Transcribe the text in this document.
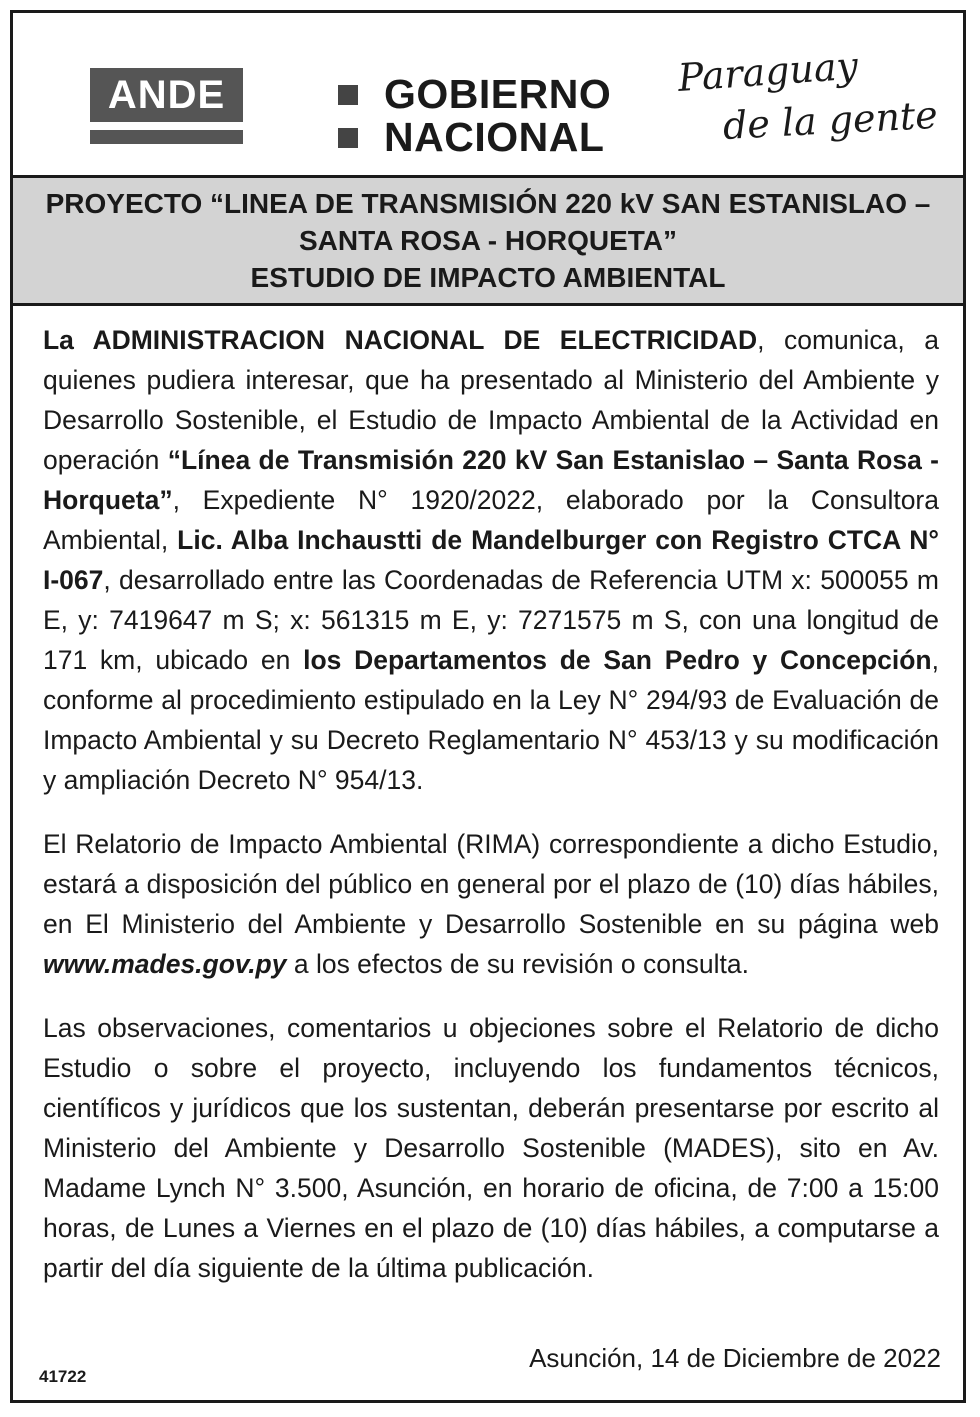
ANDE	GOBIERNO
NACIONAL
Paraguay
de la gente
PROYECTO “LINEA DE TRANSMISIÓN 220 kV SAN ESTANISLAO –
SANTA ROSA - HORQUETA”
ESTUDIO DE IMPACTO AMBIENTAL

La ADMINISTRACION NACIONAL DE ELECTRICIDAD, comunica, a quienes pudiera interesar, que ha presentado al Ministerio del Ambiente y Desarrollo Sostenible, el Estudio de Impacto Ambiental de la Actividad en operación “Línea de Transmisión 220 kV San Estanislao – Santa Rosa - Horqueta”, Expediente N° 1920/2022, elaborado por la Consultora Ambiental, Lic. Alba Inchaustti de Mandelburger con Registro CTCA N° I-067, desarrollado entre las Coordenadas de Referencia UTM x: 500055 m E, y: 7419647 m S; x: 561315 m E, y: 7271575 m S, con una longitud de 171 km, ubicado en los Departamentos de San Pedro y Concepción, conforme al procedimiento estipulado en la Ley N° 294/93 de Evaluación de Impacto Ambiental y su Decreto Reglamentario N° 453/13 y su modificación y ampliación Decreto N° 954/13.

El Relatorio de Impacto Ambiental (RIMA) correspondiente a dicho Estudio, estará a disposición del público en general por el plazo de (10) días hábiles, en El Ministerio del Ambiente y Desarrollo Sostenible en su página web www.mades.gov.py a los efectos de su revisión o consulta.

Las observaciones, comentarios u objeciones sobre el Relatorio de dicho Estudio o sobre el proyecto, incluyendo los fundamentos técnicos, científicos y jurídicos que los sustentan, deberán presentarse por escrito al Ministerio del Ambiente y Desarrollo Sostenible (MADES), sito en Av. Madame Lynch N° 3.500, Asunción, en horario de oficina, de 7:00 a 15:00 horas, de Lunes a Viernes en el plazo de (10) días hábiles, a computarse a partir del día siguiente de la última publicación.

Asunción, 14 de Diciembre de 2022
41722
